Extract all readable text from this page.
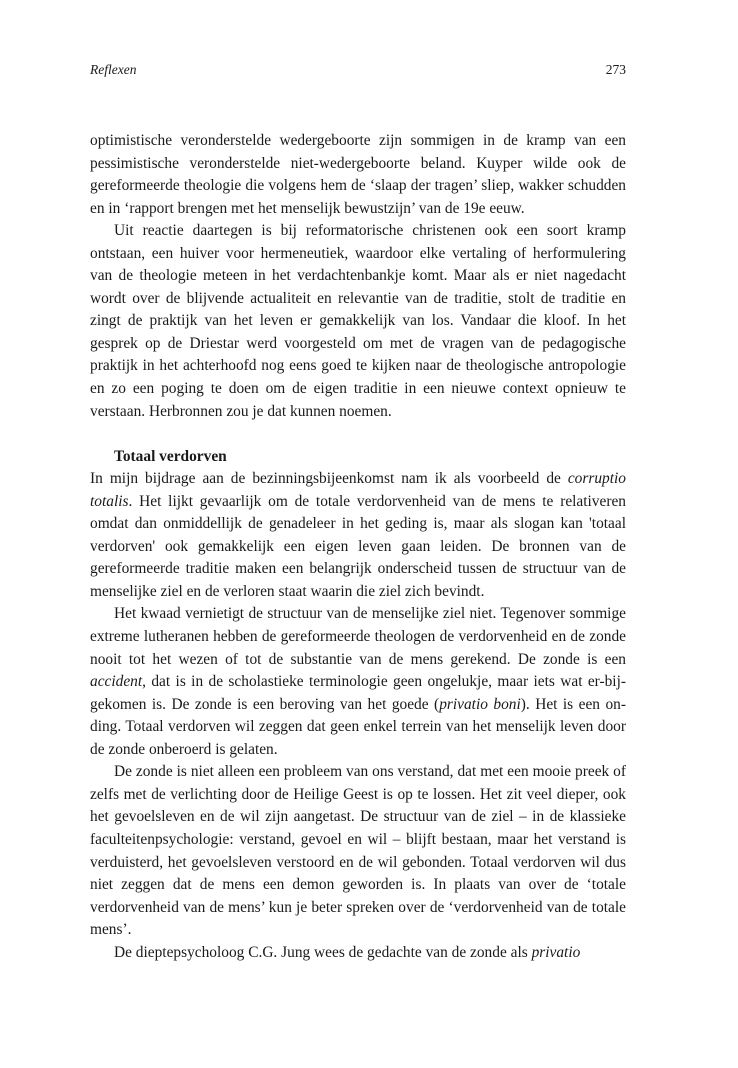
Reflexen	273

optimistische veronderstelde wedergeboorte zijn sommigen in de kramp van een pessimistische veronderstelde niet-wedergeboorte beland. Kuyper wilde ook de gereformeerde theologie die volgens hem de ‘slaap der tragen’ sliep, wakker schudden en in ‘rapport brengen met het menselijk bewustzijn’ van de 19e eeuw.

Uit reactie daartegen is bij reformatorische christenen ook een soort kramp ontstaan, een huiver voor hermeneutiek, waardoor elke vertaling of herformulering van de theologie meteen in het verdachtenbankje komt. Maar als er niet nagedacht wordt over de blijvende actualiteit en relevantie van de traditie, stolt de traditie en zingt de praktijk van het leven er gemakkelijk van los. Vandaar die kloof. In het gesprek op de Driestar werd voorgesteld om met de vragen van de pedagogische praktijk in het achterhoofd nog eens goed te kijken naar de theologische antropologie en zo een poging te doen om de eigen traditie in een nieuwe context opnieuw te verstaan. Herbronnen zou je dat kunnen noemen.

Totaal verdorven

In mijn bijdrage aan de bezinningsbijeenkomst nam ik als voorbeeld de corruptio totalis. Het lijkt gevaarlijk om de totale verdorvenheid van de mens te relativeren omdat dan onmiddellijk de genadeleer in het geding is, maar als slogan kan 'totaal verdorven' ook gemakkelijk een eigen leven gaan leiden. De bronnen van de gereformeerde traditie maken een belangrijk onderscheid tussen de structuur van de menselijke ziel en de verloren staat waarin die ziel zich bevindt.

Het kwaad vernietigt de structuur van de menselijke ziel niet. Tegenover sommige extreme lutheranen hebben de gereformeerde theologen de verdorvenheid en de zonde nooit tot het wezen of tot de substantie van de mens gerekend. De zonde is een accident, dat is in de scholastieke terminologie geen ongelukje, maar iets wat er-bij-gekomen is. De zonde is een beroving van het goede (privatio boni). Het is een on-ding. Totaal verdorven wil zeggen dat geen enkel terrein van het menselijk leven door de zonde onberoerd is gelaten.

De zonde is niet alleen een probleem van ons verstand, dat met een mooie preek of zelfs met de verlichting door de Heilige Geest is op te lossen. Het zit veel dieper, ook het gevoelsleven en de wil zijn aangetast. De structuur van de ziel – in de klassieke faculteitenpsychologie: verstand, gevoel en wil – blijft bestaan, maar het verstand is verduisterd, het gevoelsleven verstoord en de wil gebonden. Totaal verdorven wil dus niet zeggen dat de mens een demon geworden is. In plaats van over de ‘totale verdorvenheid van de mens’ kun je beter spreken over de ‘verdorvenheid van de totale mens’.

De dieptepsycholoog C.G. Jung wees de gedachte van de zonde als privatio
